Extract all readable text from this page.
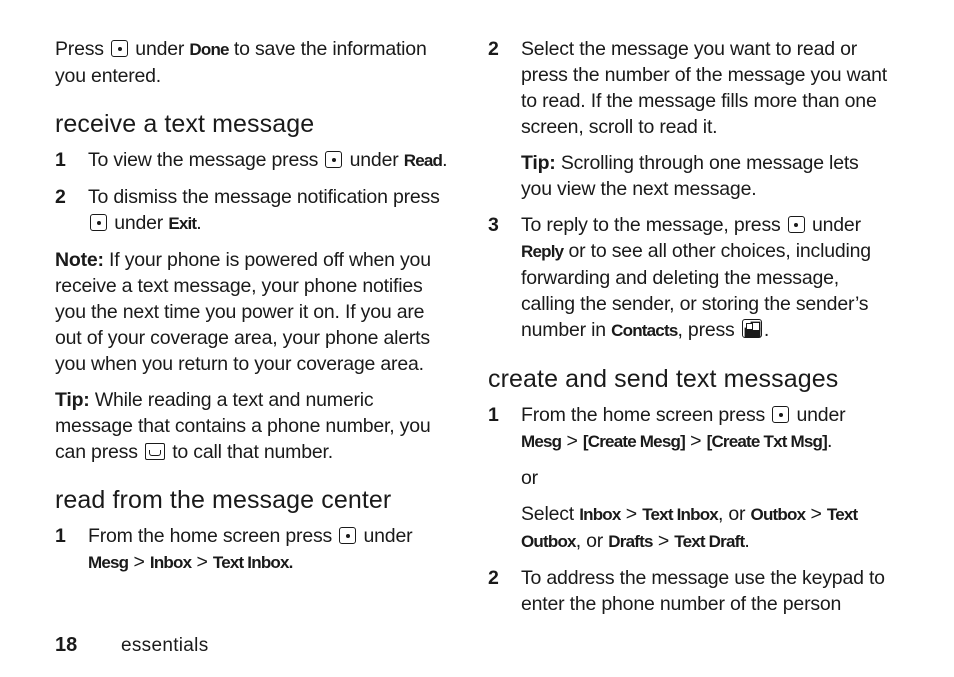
Press under Done to save the information you entered.

receive a text message
1	To view the message press under Read.

2	To dismiss the message notification press  under Exit.

Note: If your phone is powered off when you receive a text message, your phone notifies you the next time you power it on. If you are out of your coverage area, your phone alerts you when you return to your coverage area.

Tip: While reading a text and numeric message that contains a phone number, you can press to call that number.

read from the message center
1	From the home screen press under Mesg > Inbox > Text Inbox.

2	Select the message you want to read or press the number of the message you want to read. If the message fills more than one screen, scroll to read it.

Tip: Scrolling through one message lets you view the next message.

3	To reply to the message, press under Reply or to see all other choices, including forwarding and deleting the message, calling the sender, or storing the sender’s number in Contacts, press .

create and send text messages
1	From the home screen press under Mesg > [Create Mesg] > [Create Txt Msg].

or

Select Inbox > Text Inbox, or Outbox > Text Outbox, or Drafts > Text Draft.

2	To address the message use the keypad to enter the phone number of the person

18	essentials
